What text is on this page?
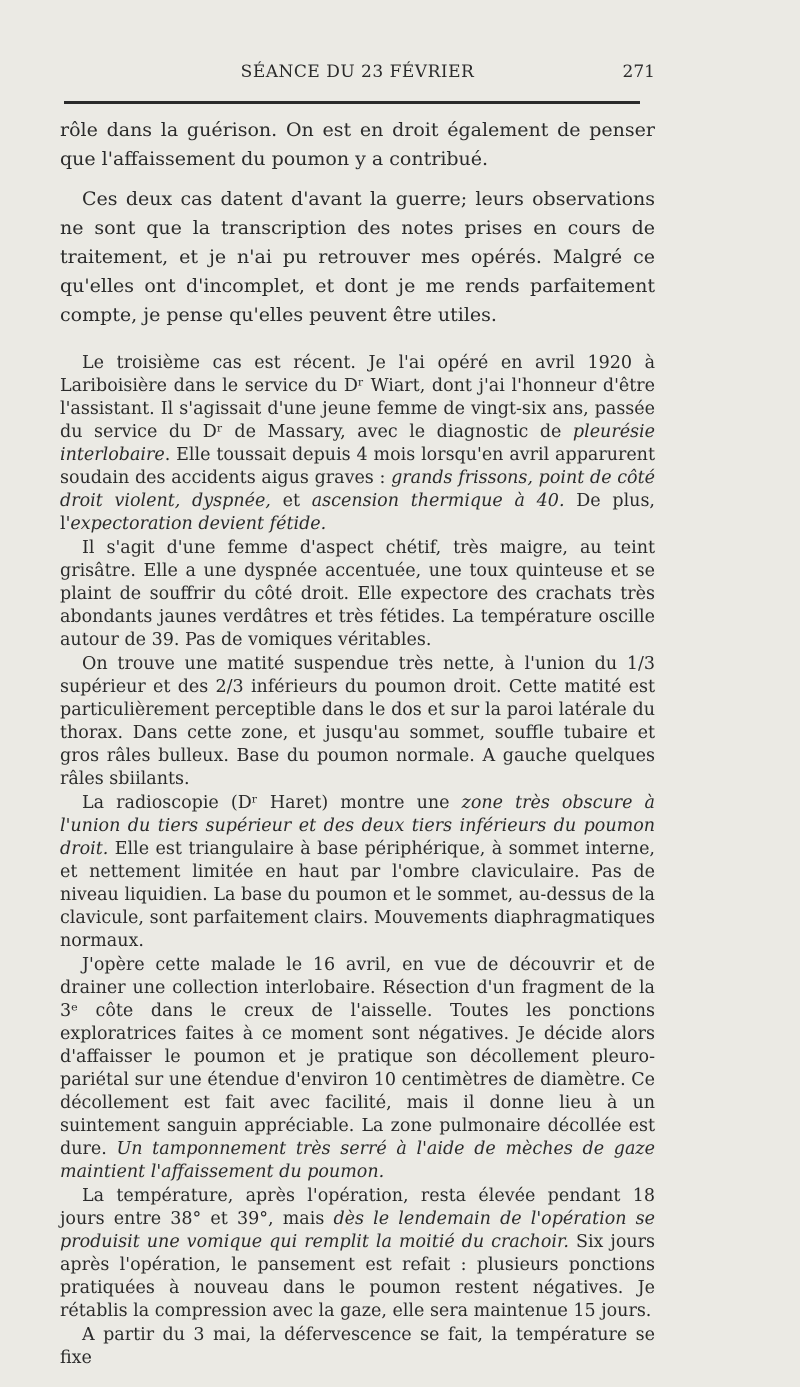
SÉANCE DU 23 FÉVRIER	271

rôle dans la guérison. On est en droit également de penser que l'affaissement du poumon y a contribué.

Ces deux cas datent d'avant la guerre; leurs observations ne sont que la transcription des notes prises en cours de traitement, et je n'ai pu retrouver mes opérés. Malgré ce qu'elles ont d'incomplet, et dont je me rends parfaitement compte, je pense qu'elles peuvent être utiles.

Le troisième cas est récent. Je l'ai opéré en avril 1920 à Lariboisière dans le service du Dʳ Wiart, dont j'ai l'honneur d'être l'assistant. Il s'agissait d'une jeune femme de vingt-six ans, passée du service du Dʳ de Massary, avec le diagnostic de pleurésie interlobaire. Elle toussait depuis 4 mois lorsqu'en avril apparurent soudain des accidents aigus graves : grands frissons, point de côté droit violent, dyspnée, et ascension thermique à 40. De plus, l'expectoration devient fétide.

Il s'agit d'une femme d'aspect chétif, très maigre, au teint grisâtre. Elle a une dyspnée accentuée, une toux quinteuse et se plaint de souffrir du côté droit. Elle expectore des crachats très abondants jaunes verdâtres et très fétides. La température oscille autour de 39. Pas de vomiques véritables.

On trouve une matité suspendue très nette, à l'union du 1/3 supérieur et des 2/3 inférieurs du poumon droit. Cette matité est particulièrement perceptible dans le dos et sur la paroi latérale du thorax. Dans cette zone, et jusqu'au sommet, souffle tubaire et gros râles bulleux. Base du poumon normale. A gauche quelques râles sbiilants.

La radioscopie (Dʳ Haret) montre une zone très obscure à l'union du tiers supérieur et des deux tiers inférieurs du poumon droit. Elle est triangulaire à base périphérique, à sommet interne, et nettement limitée en haut par l'ombre claviculaire. Pas de niveau liquidien. La base du poumon et le sommet, au-dessus de la clavicule, sont parfaitement clairs. Mouvements diaphragmatiques normaux.

J'opère cette malade le 16 avril, en vue de découvrir et de drainer une collection interlobaire. Résection d'un fragment de la 3ᵉ côte dans le creux de l'aisselle. Toutes les ponctions exploratrices faites à ce moment sont négatives. Je décide alors d'affaisser le poumon et je pratique son décollement pleuro-pariétal sur une étendue d'environ 10 centimètres de diamètre. Ce décollement est fait avec facilité, mais il donne lieu à un suintement sanguin appréciable. La zone pulmonaire décollée est dure. Un tamponnement très serré à l'aide de mèches de gaze maintient l'affaissement du poumon.

La température, après l'opération, resta élevée pendant 18 jours entre 38° et 39°, mais dès le lendemain de l'opération se produisit une vomique qui remplit la moitié du crachoir. Six jours après l'opération, le pansement est refait : plusieurs ponctions pratiquées à nouveau dans le poumon restent négatives. Je rétablis la compression avec la gaze, elle sera maintenue 15 jours.

A partir du 3 mai, la défervescence se fait, la température se fixe
